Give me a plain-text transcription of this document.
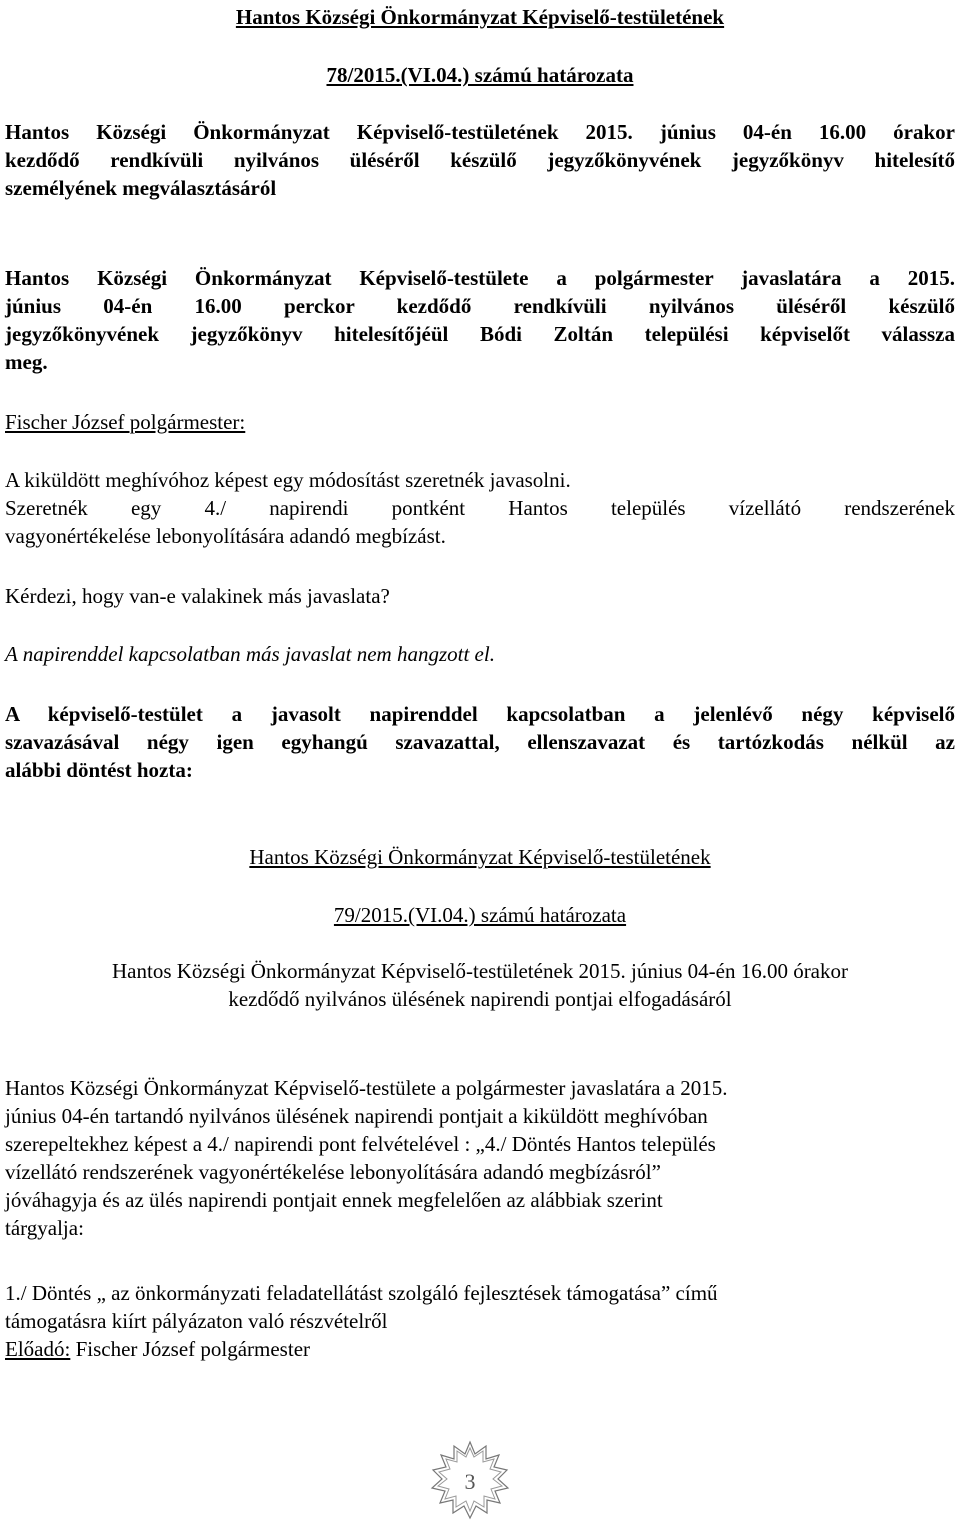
Hantos Községi Önkormányzat Képviselő-testületének
78/2015.(VI.04.) számú határozata
Hantos Községi Önkormányzat Képviselő-testületének 2015. június 04-én 16.00 órakor
kezdődő rendkívüli nyilvános üléséről készülő jegyzőkönyvének jegyzőkönyv hitelesítő
személyének megválasztásáról
Hantos Községi Önkormányzat Képviselő-testülete a polgármester javaslatára a 2015.
június 04-én 16.00 perckor kezdődő rendkívüli nyilvános üléséről készülő
jegyzőkönyvének jegyzőkönyv hitelesítőjéül Bódi Zoltán települési képviselőt válassza
meg.
Fischer József polgármester:
A kiküldött meghívóhoz képest egy módosítást szeretnék javasolni.
Szeretnék egy 4./ napirendi pontként Hantos település vízellátó rendszerének
vagyonértékelése lebonyolítására adandó megbízást.
Kérdezi, hogy van-e valakinek más javaslata?
A napirenddel kapcsolatban más javaslat nem hangzott el.
A képviselő-testület a javasolt napirenddel kapcsolatban a jelenlévő négy képviselő
szavazásával négy igen egyhangú szavazattal, ellenszavazat és tartózkodás nélkül az
alábbi döntést hozta:
Hantos Községi Önkormányzat Képviselő-testületének
79/2015.(VI.04.) számú határozata
Hantos Községi Önkormányzat Képviselő-testületének 2015. június 04-én 16.00 órakor
kezdődő nyilvános ülésének napirendi pontjai elfogadásáról
Hantos Községi Önkormányzat Képviselő-testülete a polgármester javaslatára a 2015.
június 04-én tartandó nyilvános ülésének napirendi pontjait a kiküldött meghívóban
szerepeltekhez képest a 4./ napirendi pont felvételével : „4./ Döntés Hantos település
vízellátó rendszerének vagyonértékelése lebonyolítására adandó megbízásról”
jóváhagyja és az ülés napirendi pontjait ennek megfelelően az alábbiak szerint
tárgyalja:
1./ Döntés „ az önkormányzati feladatellátást szolgáló fejlesztések támogatása” című
támogatásra kiírt pályázaton való részvételről
Előadó: Fischer József polgármester
3
